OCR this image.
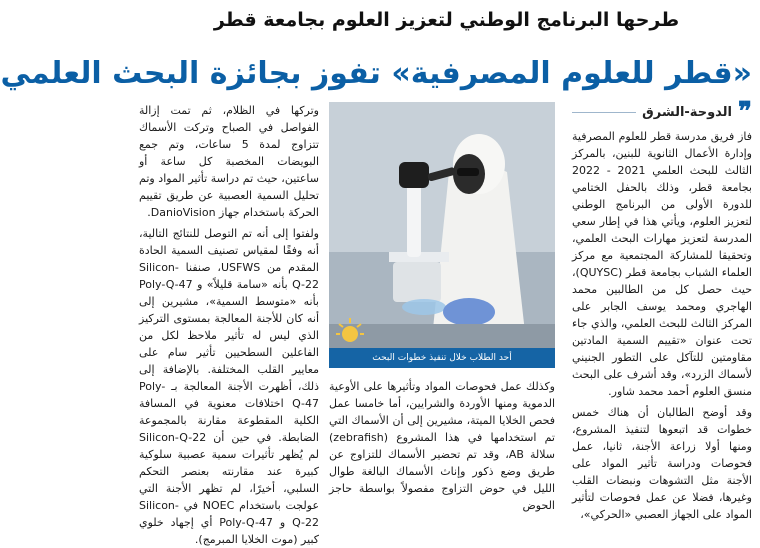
طرحها البرنامج الوطني لتعزيز العلوم بجامعة قطر
«قطر للعلوم المصرفية» تفوز بجائزة البحث العلمي
❞
الدوحة-الشرق

فاز فريق مدرسة قطر للعلوم المصرفية وإدارة الأعمال الثانوية للبنين، بالمركز الثالث للبحث العلمي 2021 - 2022 بجامعة قطر، وذلك بالحفل الختامي للدورة الأولى من البرنامج الوطني لتعزيز العلوم، ويأتي هذا في إطار سعي المدرسة لتعزيز مهارات البحث العلمي، وتحقيقا للمشاركة المجتمعية مع مركز العلماء الشباب بجامعة قطر (QUYSC)، حيث حصل كل من الطالبين محمد الهاجري ومحمد يوسف الجابر على المركز الثالث للبحث العلمي، والذي جاء تحت عنوان «تقييم السمية المادتين مقاومتين للتآكل على التطور الجنيني لأسماك الزرد»، وقد أشرف على البحث منسق العلوم أحمد محمد شاور.

وقد أوضح الطالبان أن هناك خمس خطوات قد اتبعوها لتنفيذ المشروع، ومنها أولا زراعة الأجنة، ثانيا، عمل فحوصات ودراسة تأثير المواد على الأجنة مثل التشوهات ونبضات القلب وغيرها، فضلا عن عمل فحوصات لتأثير المواد على الجهاز العصبي «الحركي»،

أحد الطلاب خلال تنفيذ خطوات البحث

وكذلك عمل فحوصات المواد وتأثيرها على الأوعية الدموية ومنها الأوردة والشرايين، أما خامسا عمل فحص الخلايا الميتة، مشيرين إلى أن الأسماك التي تم استخدامها في هذا المشروع (zebrafish) سلالة AB، وقد تم تحضير الأسماك للتزاوج عن طريق وضع ذكور وإناث الأسماك البالغة طوال الليل في حوض التزاوج مفصولاً بواسطة حاجز الحوض

وتركها في الظلام، ثم تمت إزالة الفواصل في الصباح وتركت الأسماك تتزاوج لمدة 5 ساعات، وتم جمع البويضات المخصبة كل ساعة أو ساعتين، حيث تم دراسة تأثير المواد وتم تحليل السمية العصبية عن طريق تقييم الحركة باستخدام جهاز DanioVision.

ولفتوا إلى أنه تم التوصل للنتائج التالية، أنه وفقًا لمقياس تصنيف السمية الحادة المقدم من USFWS، صنفنا Silicon-Q-22 بأنه «سامة قليلاً» و Poly-Q-47 بأنه «متوسط السمية»، مشيرين إلى أنه كان للأجنة المعالجة بمستوى التركيز الذي ليس له تأثير ملاحظ لكل من الفاعلين السطحيين تأثير سام على معايير القلب المختلفة. بالإضافة إلى ذلك، أظهرت الأجنة المعالجة بـ Poly-Q-47 اختلافات معنوية في المسافة الكلية المقطوعة مقارنة بالمجموعة الضابطة. في حين أن Silicon-Q-22 لم يُظهر تأثيرات سمية عصبية سلوكية كبيرة عند مقارنته بعنصر التحكم السلبي، أخيرًا، لم تظهر الأجنة التي عولجت باستخدام NOEC في Silicon-Q-22 و Poly-Q-47 أي إجهاد خلوي كبير (موت الخلايا المبرمج).
